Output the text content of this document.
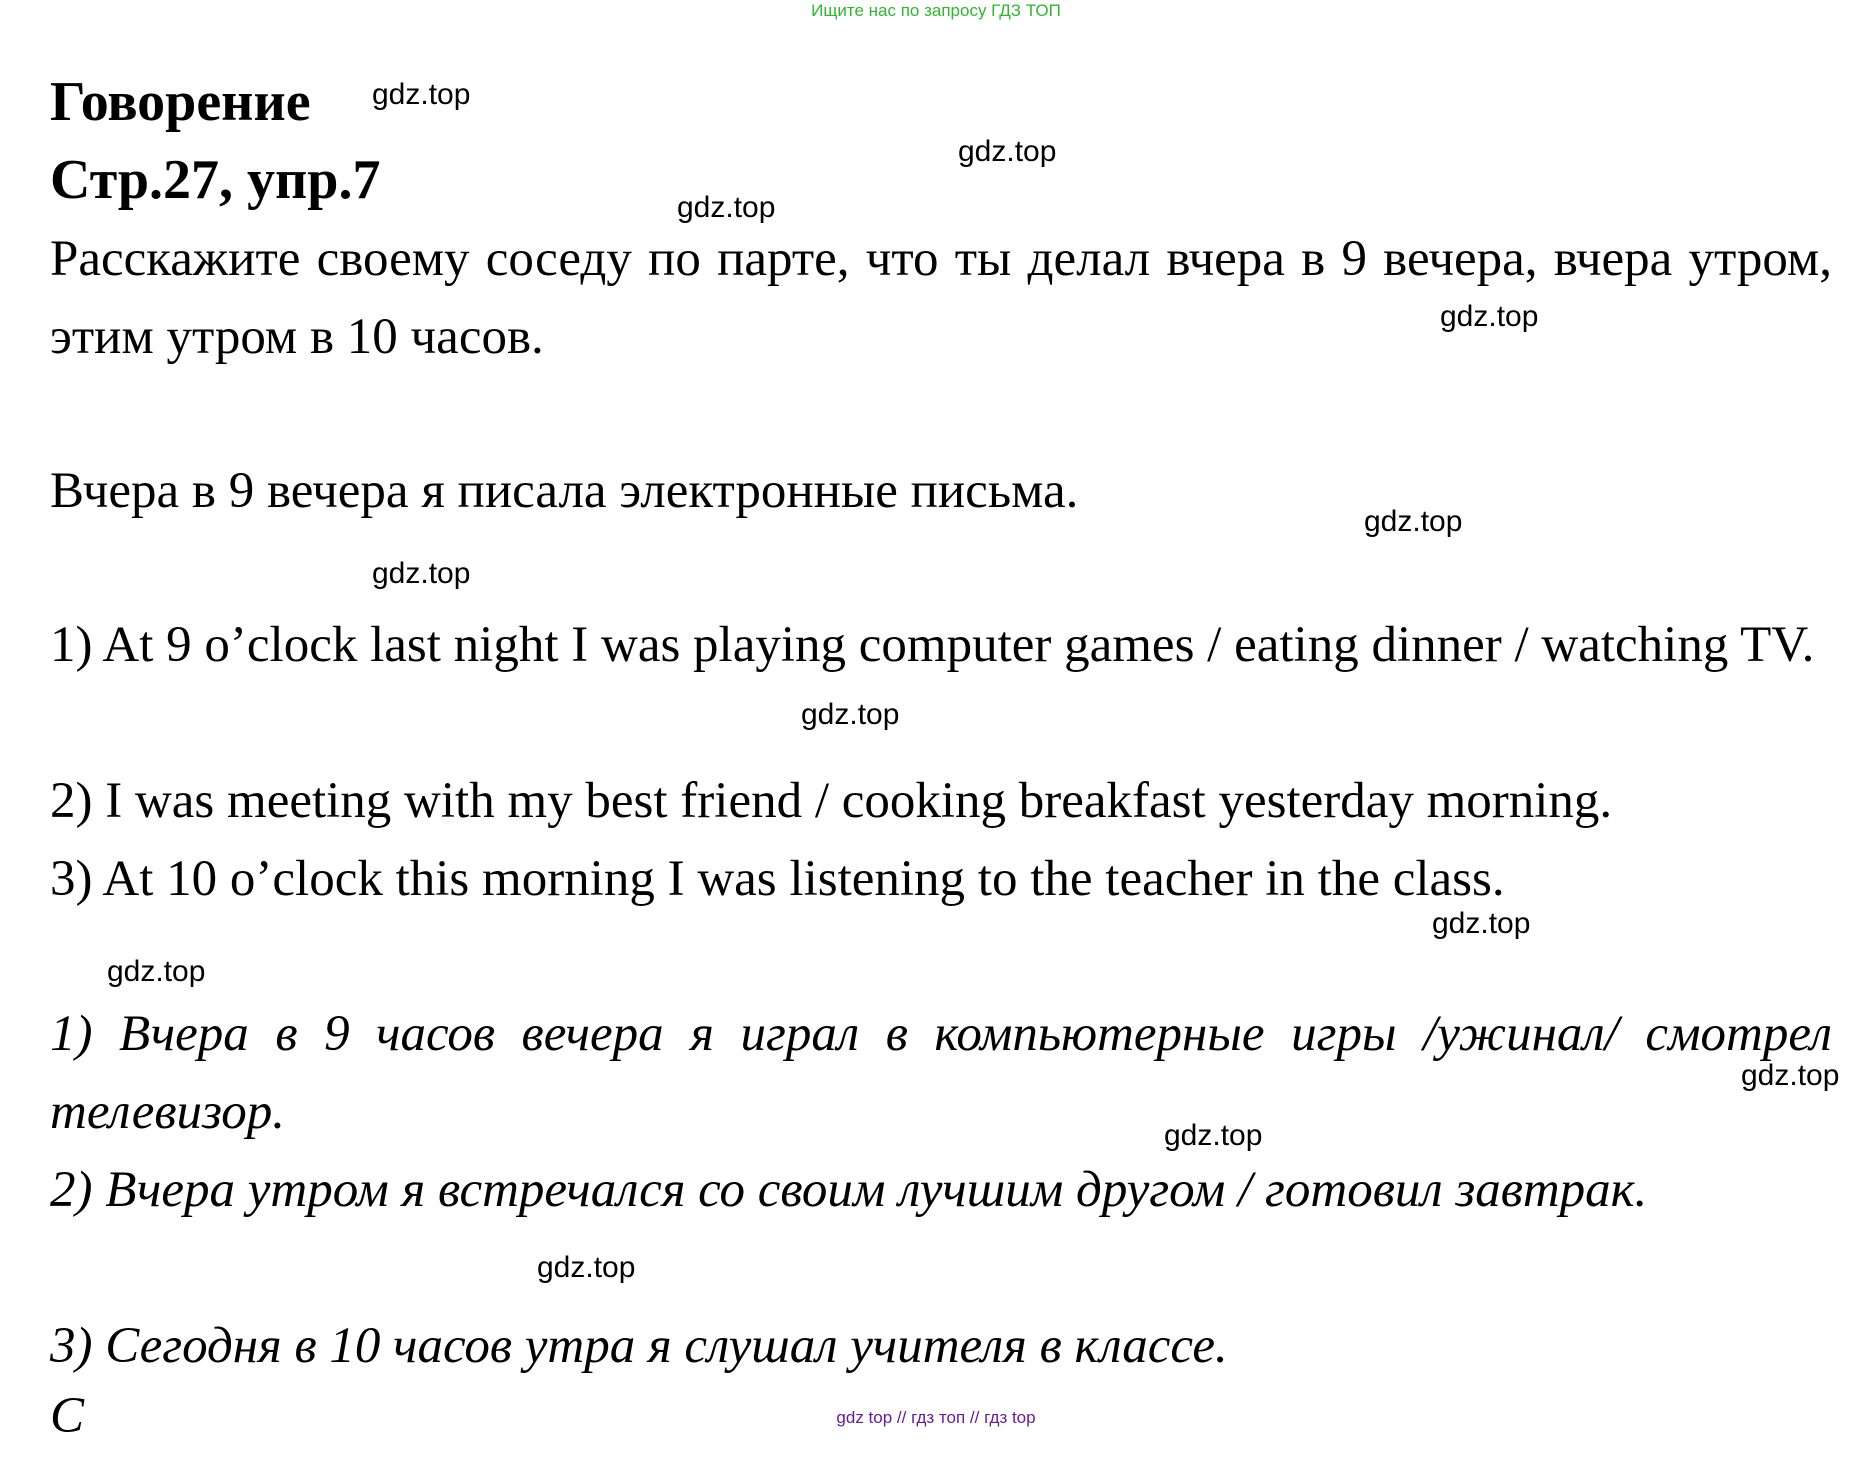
Ищите нас по запросу ГДЗ ТОП
Говорение
Стр.27, упр.7
Расскажите своему соседу по парте, что ты делал вчера в 9 вечера, вчера утром, этим утром в 10 часов.
Вчера в 9 вечера я писала электронные письма.
1) At 9 o’clock last night I was playing computer games / eating dinner / watching TV.
2) I was meeting with my best friend / cooking breakfast yesterday morning.
3) At 10 o’clock this morning I was listening to the teacher in the class.
1) Вчера в 9 часов вечера я играл в компьютерные игры /ужинал/ смотрел телевизор.
2) Вчера утром я встречался со своим лучшим другом / готовил завтрак.
3) Сегодня в 10 часов утра я слушал учителя в классе.
С
gdz.top
gdz.top
gdz.top
gdz.top
gdz.top
gdz.top
gdz.top
gdz.top
gdz.top
gdz.top
gdz.top
gdz.top
gdz top // гдз топ // гдз top
